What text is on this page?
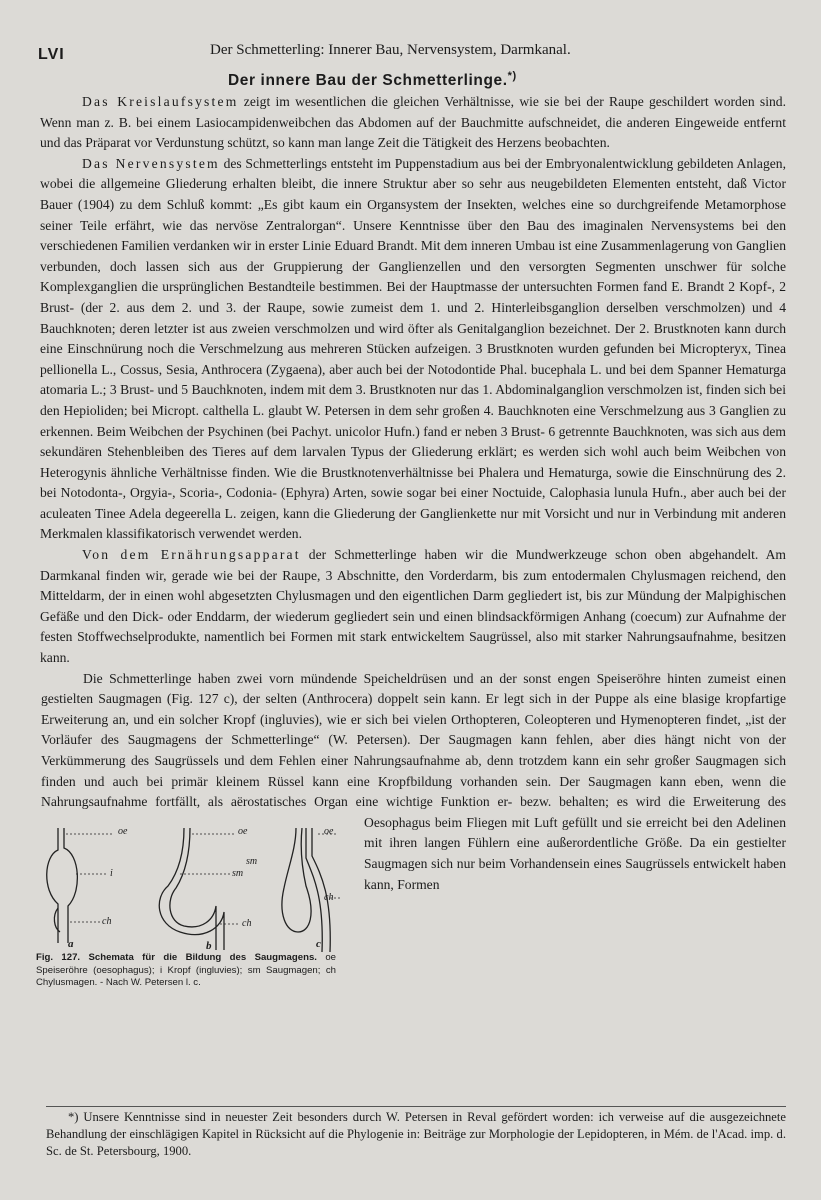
LVI	Der Schmetterling: Innerer Bau, Nervensystem, Darmkanal.
Der innere Bau der Schmetterlinge.*)

Das Kreislaufsystem zeigt im wesentlichen die gleichen Verhältnisse, wie sie bei der Raupe geschildert worden sind. Wenn man z. B. bei einem Lasiocampidenweibchen das Abdomen auf der Bauchmitte aufschneidet, die anderen Eingeweide entfernt und das Präparat vor Verdunstung schützt, so kann man lange Zeit die Tätigkeit des Herzens beobachten.

Das Nervensystem des Schmetterlings entsteht im Puppenstadium aus bei der Embryonalentwicklung gebildeten Anlagen, wobei die allgemeine Gliederung erhalten bleibt, die innere Struktur aber so sehr aus neugebildeten Elementen entsteht, daß Victor Bauer (1904) zu dem Schluß kommt: „Es gibt kaum ein Organsystem der Insekten, welches eine so durchgreifende Metamorphose seiner Teile erfährt, wie das nervöse Zentralorgan“. Unsere Kenntnisse über den Bau des imaginalen Nervensystems bei den verschiedenen Familien verdanken wir in erster Linie Eduard Brandt. Mit dem inneren Umbau ist eine Zusammenlagerung von Ganglien verbunden, doch lassen sich aus der Gruppierung der Ganglienzellen und den versorgten Segmenten unschwer für solche Komplexganglien die ursprünglichen Bestandteile bestimmen. Bei der Hauptmasse der untersuchten Formen fand E. Brandt 2 Kopf-, 2 Brust- (der 2. aus dem 2. und 3. der Raupe, sowie zumeist dem 1. und 2. Hinterleibsganglion derselben verschmolzen) und 4 Bauchknoten; deren letzter ist aus zweien verschmolzen und wird öfter als Genitalganglion bezeichnet. Der 2. Brustknoten kann durch eine Einschnürung noch die Verschmelzung aus mehreren Stücken aufzeigen. 3 Brustknoten wurden gefunden bei Micropteryx, Tinea pellionella L., Cossus, Sesia, Anthrocera (Zygaena), aber auch bei der Notodontide Phal. bucephala L. und bei dem Spanner Hematurga atomaria L.; 3 Brust- und 5 Bauchknoten, indem mit dem 3. Brustknoten nur das 1. Abdominalganglion verschmolzen ist, finden sich bei den Hepioliden; bei Micropt. calthella L. glaubt W. Petersen in dem sehr großen 4. Bauchknoten eine Verschmelzung aus 3 Ganglien zu erkennen. Beim Weibchen der Psychinen (bei Pachyt. unicolor Hufn.) fand er neben 3 Brust- 6 getrennte Bauchknoten, was sich aus dem sekundären Stehenbleiben des Tieres auf dem larvalen Typus der Gliederung erklärt; es werden sich wohl auch beim Weibchen von Heterogynis ähnliche Verhältnisse finden. Wie die Brustknotenverhältnisse bei Phalera und Hematurga, sowie die Einschnürung des 2. bei Notodonta-, Orgyia-, Scoria-, Codonia- (Ephyra) Arten, sowie sogar bei einer Noctuide, Calophasia lunula Hufn., aber auch bei der aculeaten Tinee Adela degeerella L. zeigen, kann die Gliederung der Ganglienkette nur mit Vorsicht und nur in Verbindung mit anderen Merkmalen klassifikatorisch verwendet werden.

Von dem Ernährungsapparat der Schmetterlinge haben wir die Mundwerkzeuge schon oben abgehandelt. Am Darmkanal finden wir, gerade wie bei der Raupe, 3 Abschnitte, den Vorderdarm, bis zum entodermalen Chylusmagen reichend, den Mitteldarm, der in einen wohl abgesetzten Chylusmagen und den eigentlichen Darm gegliedert ist, bis zur Mündung der Malpighischen Gefäße und den Dick- oder Enddarm, der wiederum gegliedert sein und einen blindsackförmigen Anhang (coecum) zur Aufnahme der festen Stoffwechselprodukte, namentlich bei Formen mit stark entwickeltem Saugrüssel, also mit starker Nahrungsaufnahme, besitzen kann.

Die Schmetterlinge haben zwei vorn mündende Speicheldrüsen und an der sonst engen Speiseröhre hinten zumeist einen gestielten Saugmagen (Fig. 127 c), der selten (Anthrocera) doppelt sein kann. Er legt sich in der Puppe als eine blasige kropfartige Erweiterung an, und ein solcher Kropf (ingluvies), wie er sich bei vielen Orthopteren, Coleopteren und Hymenopteren findet, „ist der Vorläufer des Saugmagens der Schmetterlinge“ (W. Petersen). Der Saugmagen kann fehlen, aber dies hängt nicht von der Verkümmerung des Saugrüssels und dem Fehlen einer Nahrungsaufnahme ab, denn trotzdem kann ein sehr großer Saugmagen sich finden und auch bei primär kleinem Rüssel kann eine Kropfbildung vorhanden sein. Der Saugmagen kann eben, wenn die Nahrungsaufnahme fortfällt, als aërostatisches Organ eine wichtige Funktion er- bezw. behalten; es wird die Erweiterung des Oesophagus beim Fliegen mit Luft gefüllt und sie erreicht bei den Adelinen mit ihren langen Fühlern eine außerordentliche Größe. Da ein gestielter Saugmagen sich nur beim Vorhandensein eines Saugrüssels entwickelt haben kann, Formen

oe
i
ch
oe
sm
ch
sm
oe
ch
a	b	c
Fig. 127. Schemata für die Bildung des Saugmagens. oe Speiseröhre (oesophagus); i Kropf (ingluvies); sm Saugmagen; ch Chylusmagen. - Nach W. Petersen l. c.

*) Unsere Kenntnisse sind in neuester Zeit besonders durch W. Petersen in Reval gefördert worden: ich verweise auf die ausgezeichnete Behandlung der einschlägigen Kapitel in Rücksicht auf die Phylogenie in: Beiträge zur Morphologie der Lepidopteren, in Mém. de l'Acad. imp. d. Sc. de St. Petersbourg, 1900.
